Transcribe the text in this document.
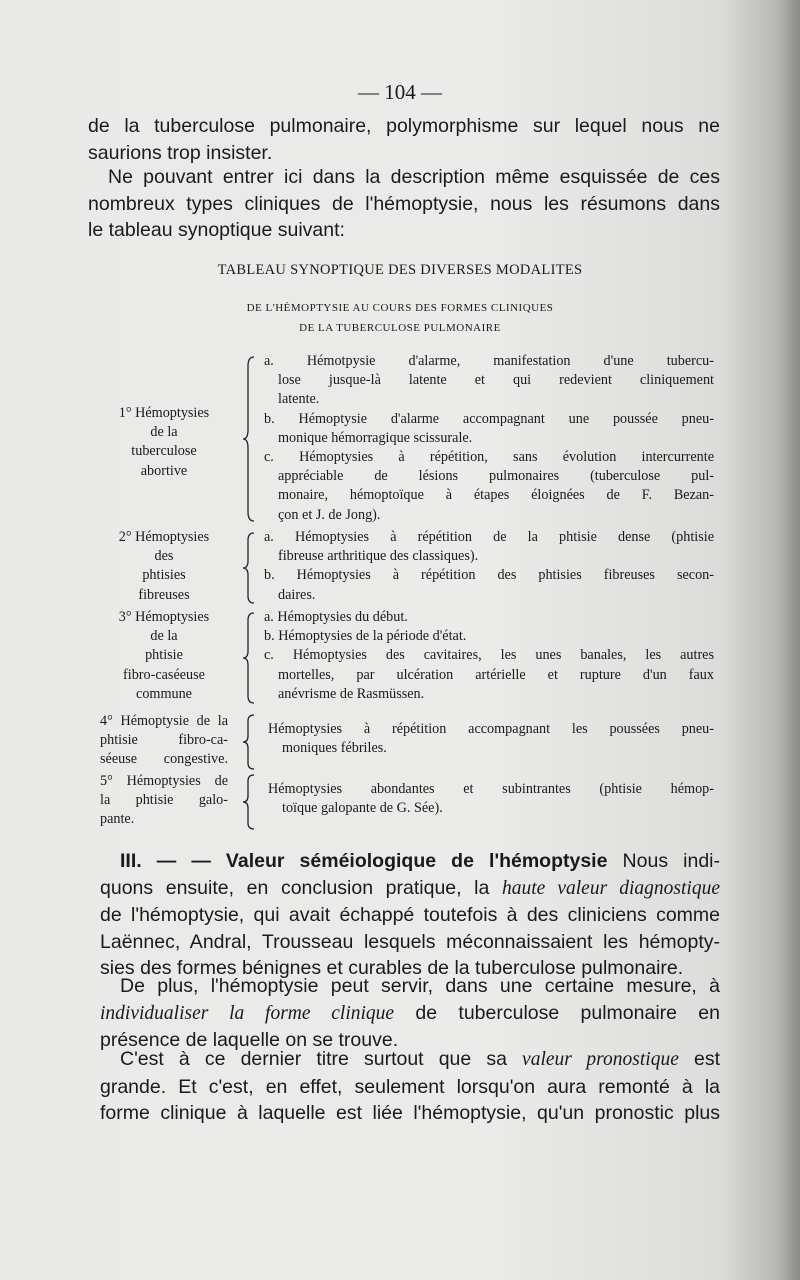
— 104 —
de la tuberculose pulmonaire, polymorphisme sur lequel nous ne
saurions trop insister.
Ne pouvant entrer ici dans la description même esquissée de ces
nombreux types cliniques de l'hémoptysie, nous les résumons dans
le tableau synoptique suivant:
TABLEAU SYNOPTIQUE DES DIVERSES MODALITES
DE L'HÉMOPTYSIE AU COURS DES FORMES CLINIQUES
DE LA TUBERCULOSE PULMONAIRE
1° Hémoptysies
de la
tuberculose
abortive
a. Hémotpysie d'alarme, manifestation d'une tubercu-
lose jusque-là latente et qui redevient cliniquement
latente.
b. Hémoptysie d'alarme accompagnant une poussée pneu-
monique hémorragique scissurale.
c. Hémoptysies à répétition, sans évolution intercurrente
appréciable de lésions pulmonaires (tuberculose pul-
monaire, hémoptoïque à étapes éloignées de F. Bezan-
çon et J. de Jong).
2° Hémoptysies
des
phtisies
fibreuses
a. Hémoptysies à répétition de la phtisie dense (phtisie
fibreuse arthritique des classiques).
b. Hémoptysies à répétition des phtisies fibreuses secon-
daires.
3° Hémoptysies
de la
phtisie
fibro-caséeuse
commune
a. Hémoptysies du début.
b. Hémoptysies de la période d'état.
c. Hémoptysies des cavitaires, les unes banales, les autres
mortelles, par ulcération artérielle et rupture d'un faux
anévrisme de Rasmüssen.
4° Hémoptysie de la
phtisie fibro-ca-
séeuse congestive.
Hémoptysies à répétition accompagnant les poussées pneu-
moniques fébriles.
5° Hémoptysies de
la phtisie galo-
pante.
Hémoptysies abondantes et subintrantes (phtisie hémop-
toïque galopante de G. Sée).
III. — — Valeur séméiologique de l'hémoptysie Nous indi-
quons ensuite, en conclusion pratique, la haute valeur diagnostique
de l'hémoptysie, qui avait échappé toutefois à des cliniciens comme
Laënnec, Andral, Trousseau lesquels méconnaissaient les hémopty-
sies des formes bénignes et curables de la tuberculose pulmonaire.
De plus, l'hémoptysie peut servir, dans une certaine mesure, à
individualiser la forme clinique de tuberculose pulmonaire en
présence de laquelle on se trouve.
C'est à ce dernier titre surtout que sa valeur pronostique est
grande. Et c'est, en effet, seulement lorsqu'on aura remonté à la
forme clinique à laquelle est liée l'hémoptysie, qu'un pronostic plus
